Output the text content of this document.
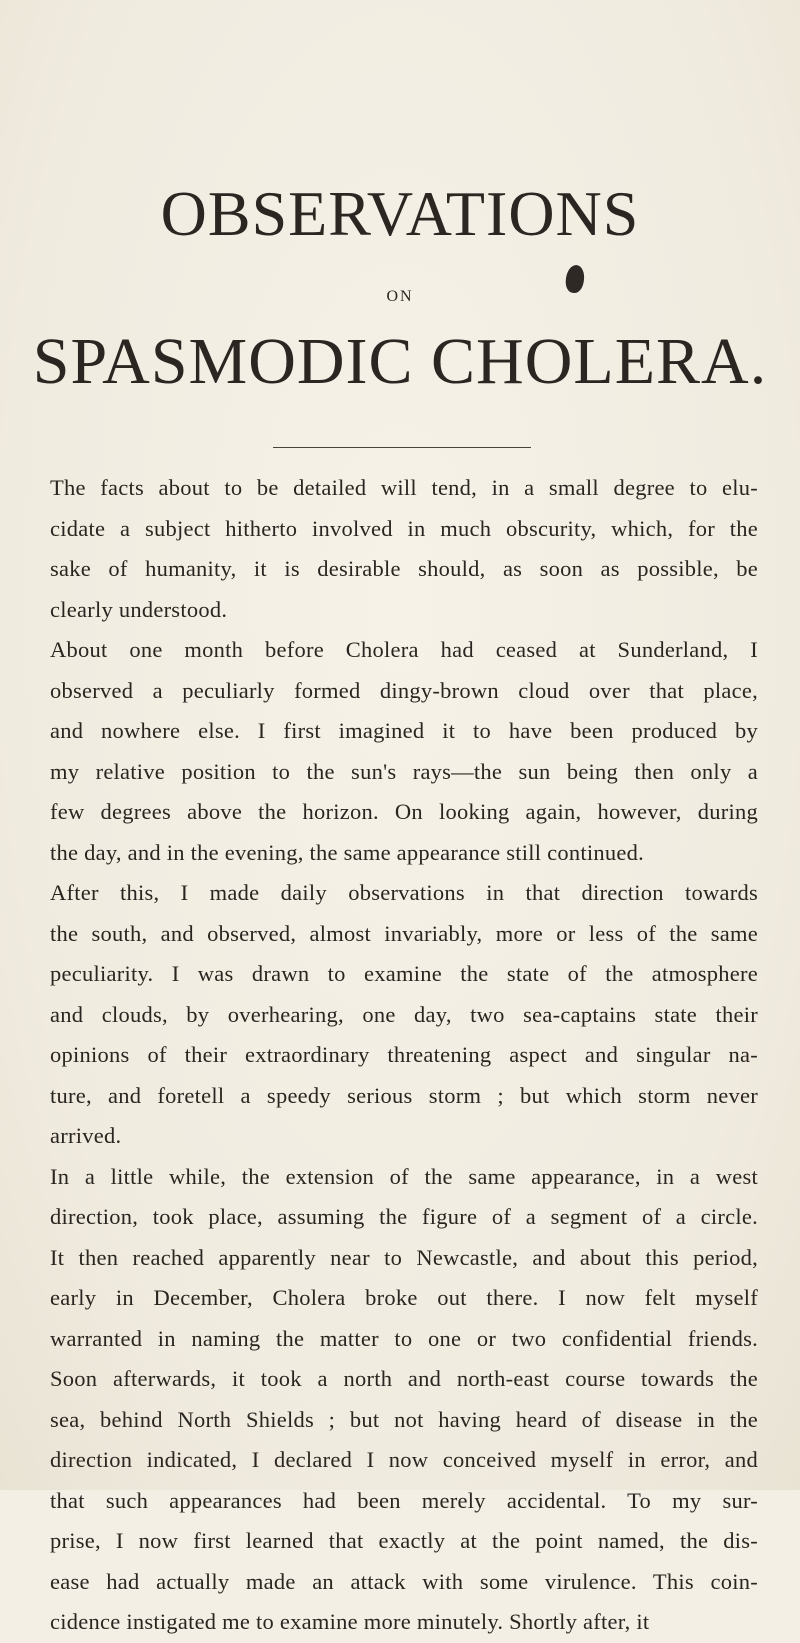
OBSERVATIONS
ON
SPASMODIC CHOLERA.
The facts about to be detailed will tend, in a small degree to elu-
cidate a subject hitherto involved in much obscurity, which, for the
sake of humanity, it is desirable should, as soon as possible, be
clearly understood.
About one month before Cholera had ceased at Sunderland, I
observed a peculiarly formed dingy-brown cloud over that place,
and nowhere else. I first imagined it to have been produced by
my relative position to the sun's rays—the sun being then only a
few degrees above the horizon. On looking again, however, during
the day, and in the evening, the same appearance still continued.
After this, I made daily observations in that direction towards
the south, and observed, almost invariably, more or less of the same
peculiarity. I was drawn to examine the state of the atmosphere
and clouds, by overhearing, one day, two sea-captains state their
opinions of their extraordinary threatening aspect and singular na-
ture, and foretell a speedy serious storm ; but which storm never
arrived.
In a little while, the extension of the same appearance, in a west
direction, took place, assuming the figure of a segment of a circle.
It then reached apparently near to Newcastle, and about this period,
early in December, Cholera broke out there. I now felt myself
warranted in naming the matter to one or two confidential friends.
Soon afterwards, it took a north and north-east course towards the
sea, behind North Shields ; but not having heard of disease in the
direction indicated, I declared I now conceived myself in error, and
that such appearances had been merely accidental. To my sur-
prise, I now first learned that exactly at the point named, the dis-
ease had actually made an attack with some virulence. This coin-
cidence instigated me to examine more minutely. Shortly after, it
